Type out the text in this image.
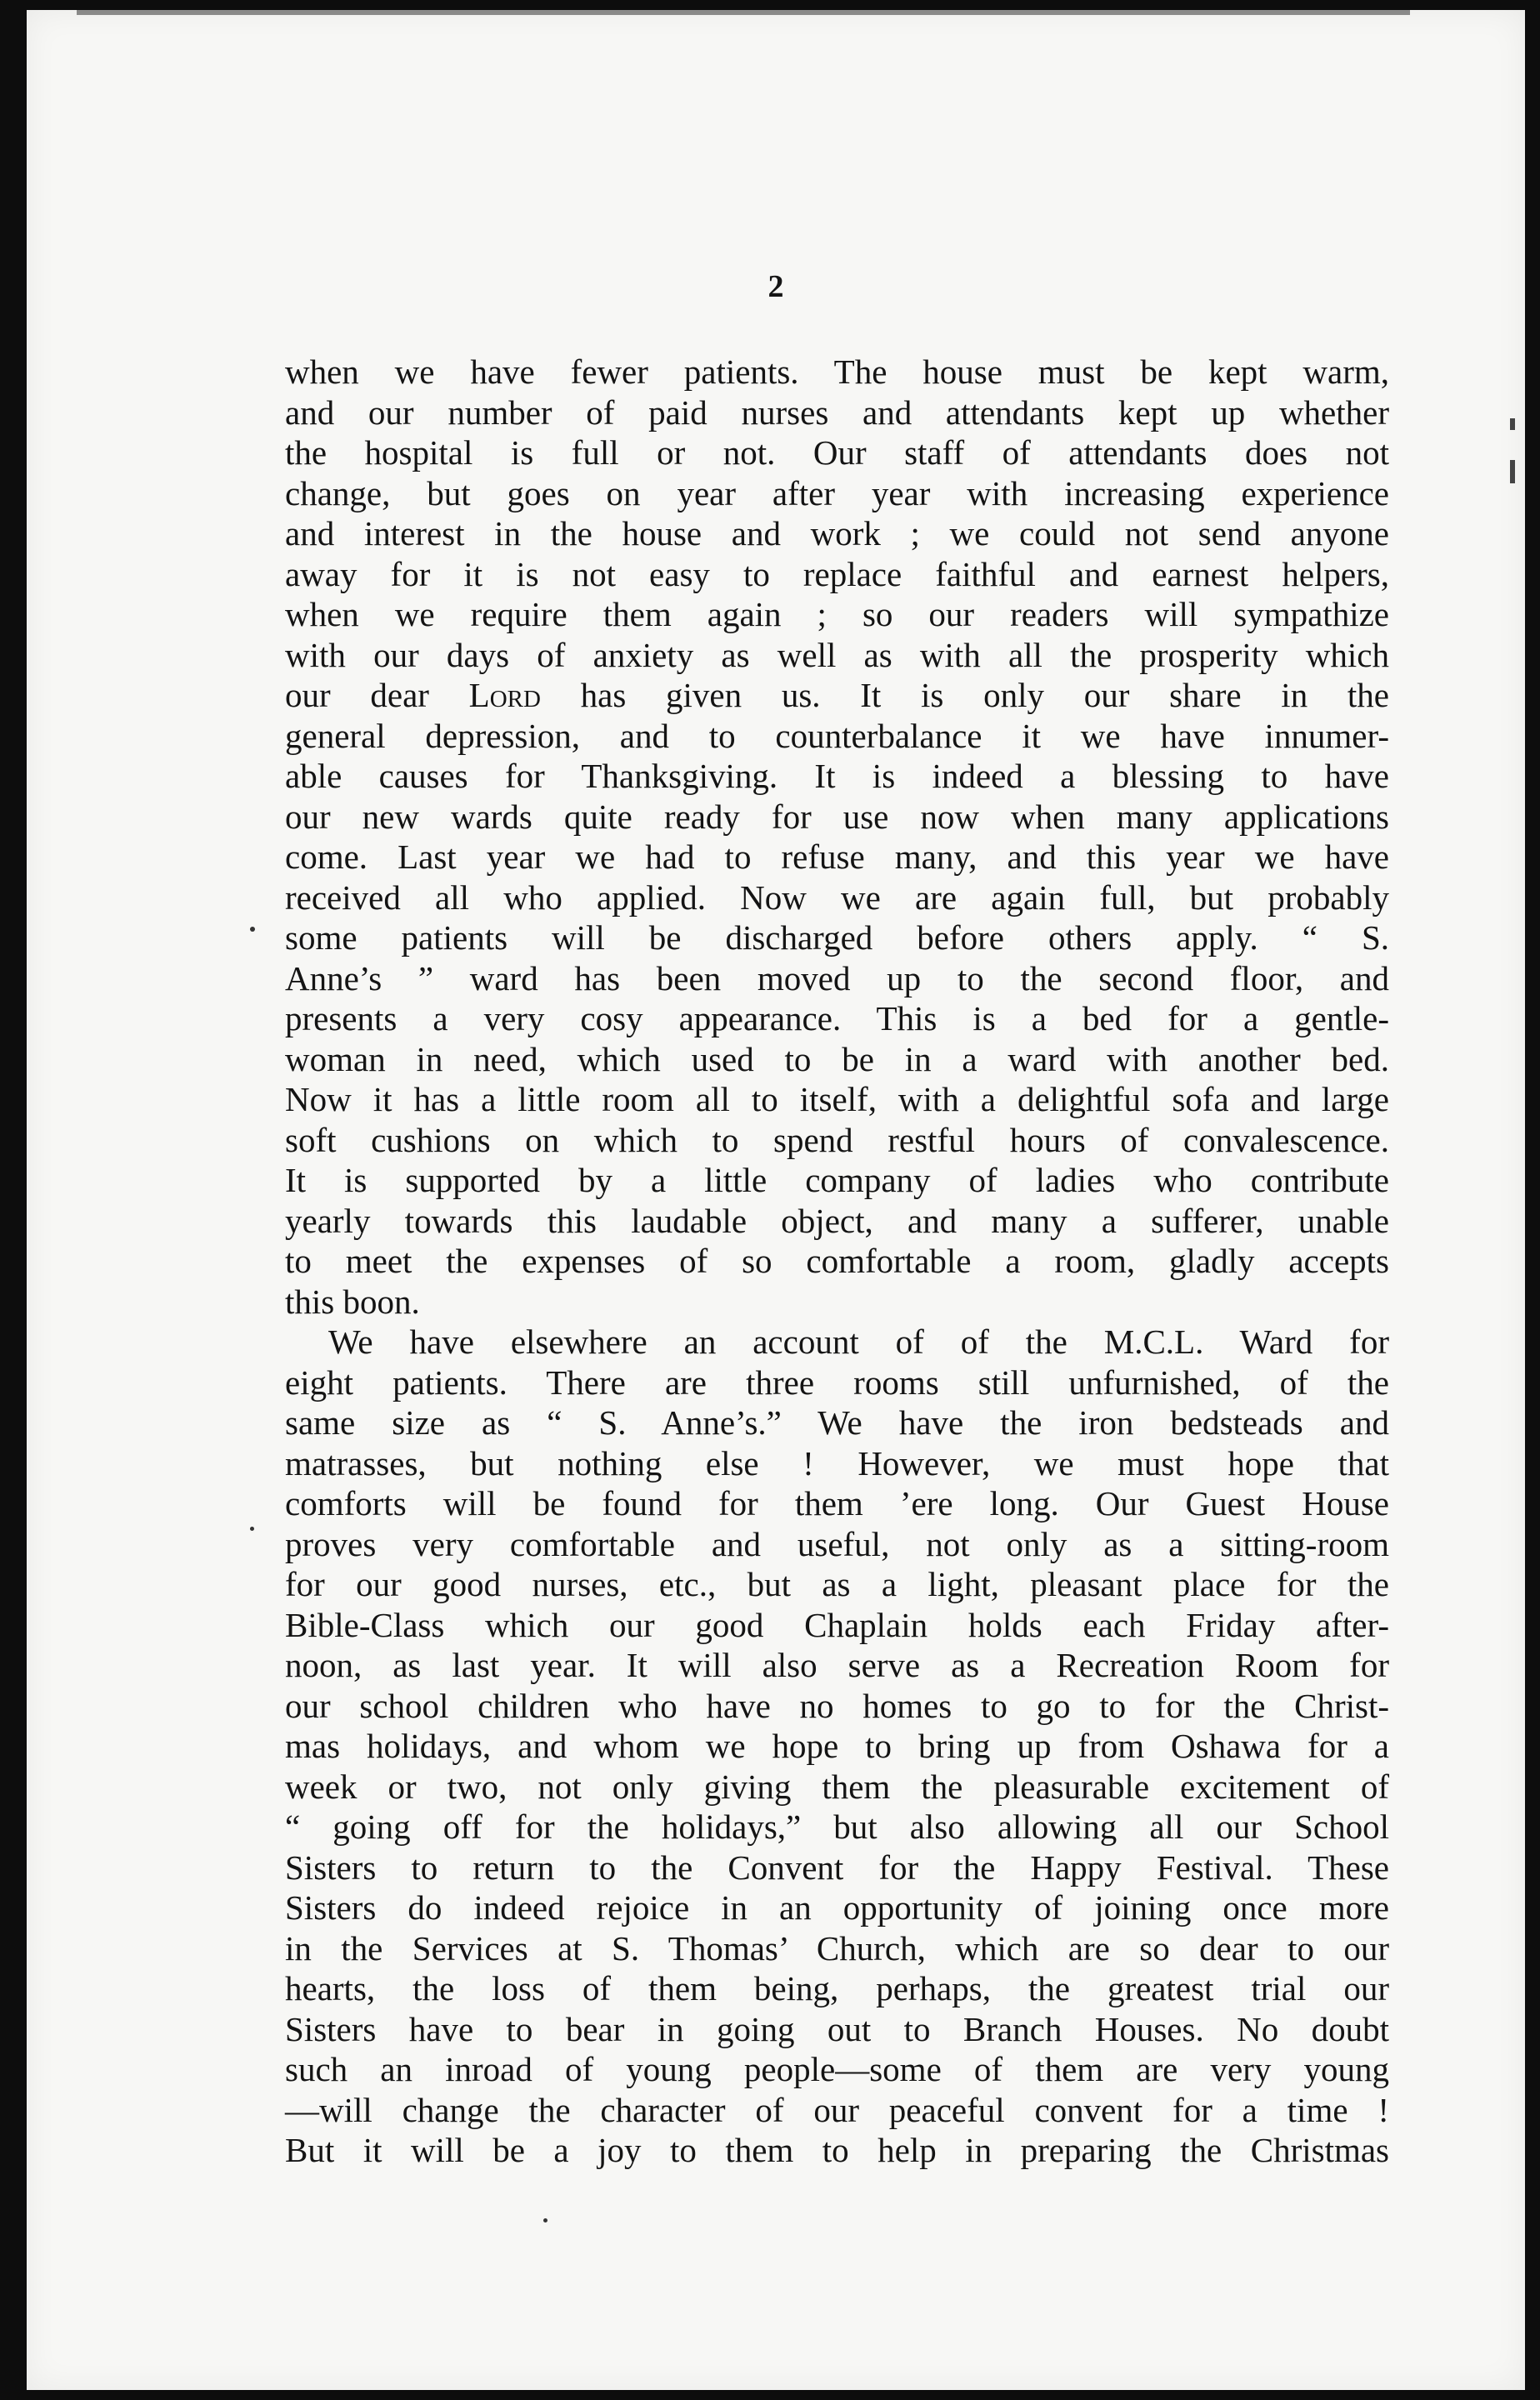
2
when we have fewer patients. The house must be kept warm,
and our number of paid nurses and attendants kept up whether
the hospital is full or not. Our staff of attendants does not
change, but goes on year after year with increasing experience
and interest in the house and work ; we could not send anyone
away for it is not easy to replace faithful and earnest helpers,
when we require them again ; so our readers will sympathize
with our days of anxiety as well as with all the prosperity which
our dear Lord has given us. It is only our share in the
general depression, and to counterbalance it we have innumer-
able causes for Thanksgiving. It is indeed a blessing to have
our new wards quite ready for use now when many applications
come. Last year we had to refuse many, and this year we have
received all who applied. Now we are again full, but probably
some patients will be discharged before others apply. “ S.
Anne’s ” ward has been moved up to the second floor, and
presents a very cosy appearance. This is a bed for a gentle-
woman in need, which used to be in a ward with another bed.
Now it has a little room all to itself, with a delightful sofa and large
soft cushions on which to spend restful hours of convalescence.
It is supported by a little company of ladies who contribute
yearly towards this laudable object, and many a sufferer, unable
to meet the expenses of so comfortable a room, gladly accepts
this boon.
We have elsewhere an account of of the M.C.L. Ward for
eight patients. There are three rooms still unfurnished, of the
same size as “ S. Anne’s.” We have the iron bedsteads and
matrasses, but nothing else ! However, we must hope that
comforts will be found for them ’ere long. Our Guest House
proves very comfortable and useful, not only as a sitting-room
for our good nurses, etc., but as a light, pleasant place for the
Bible-Class which our good Chaplain holds each Friday after-
noon, as last year. It will also serve as a Recreation Room for
our school children who have no homes to go to for the Christ-
mas holidays, and whom we hope to bring up from Oshawa for a
week or two, not only giving them the pleasurable excitement of
“ going off for the holidays,” but also allowing all our School
Sisters to return to the Convent for the Happy Festival. These
Sisters do indeed rejoice in an opportunity of joining once more
in the Services at S. Thomas’ Church, which are so dear to our
hearts, the loss of them being, perhaps, the greatest trial our
Sisters have to bear in going out to Branch Houses. No doubt
such an inroad of young people—some of them are very young
—will change the character of our peaceful convent for a time !
But it will be a joy to them to help in preparing the Christmas
